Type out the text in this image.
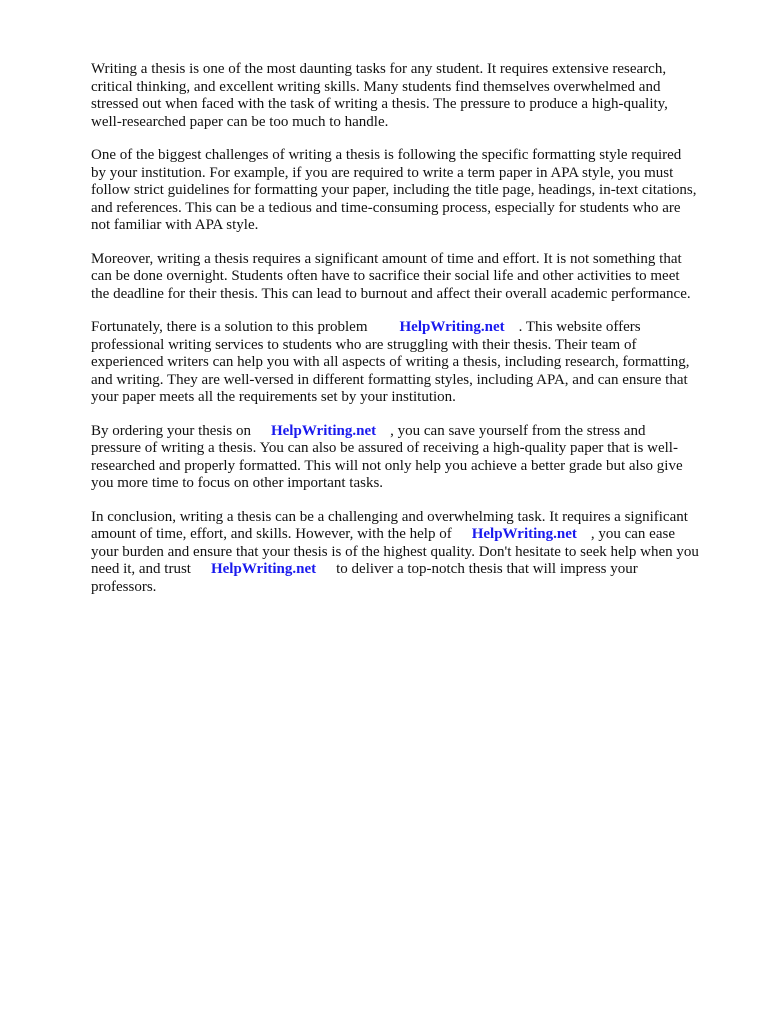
Writing a thesis is one of the most daunting tasks for any student. It requires extensive research,
critical thinking, and excellent writing skills. Many students find themselves overwhelmed and
stressed out when faced with the task of writing a thesis. The pressure to produce a high-quality,
well-researched paper can be too much to handle.

One of the biggest challenges of writing a thesis is following the specific formatting style required
by your institution. For example, if you are required to write a term paper in APA style, you must
follow strict guidelines for formatting your paper, including the title page, headings, in-text citations,
and references. This can be a tedious and time-consuming process, especially for students who are
not familiar with APA style.

Moreover, writing a thesis requires a significant amount of time and effort. It is not something that
can be done overnight. Students often have to sacrifice their social life and other activities to meet
the deadline for their thesis. This can lead to burnout and affect their overall academic performance.

Fortunately, there is a solution to this problem HelpWriting.net . This website offers
professional writing services to students who are struggling with their thesis. Their team of
experienced writers can help you with all aspects of writing a thesis, including research, formatting,
and writing. They are well-versed in different formatting styles, including APA, and can ensure that
your paper meets all the requirements set by your institution.

By ordering your thesis on HelpWriting.net , you can save yourself from the stress and
pressure of writing a thesis. You can also be assured of receiving a high-quality paper that is well-
researched and properly formatted. This will not only help you achieve a better grade but also give
you more time to focus on other important tasks.

In conclusion, writing a thesis can be a challenging and overwhelming task. It requires a significant
amount of time, effort, and skills. However, with the help of HelpWriting.net , you can ease
your burden and ensure that your thesis is of the highest quality. Don't hesitate to seek help when you
need it, and trust HelpWriting.net to deliver a top-notch thesis that will impress your
professors.
